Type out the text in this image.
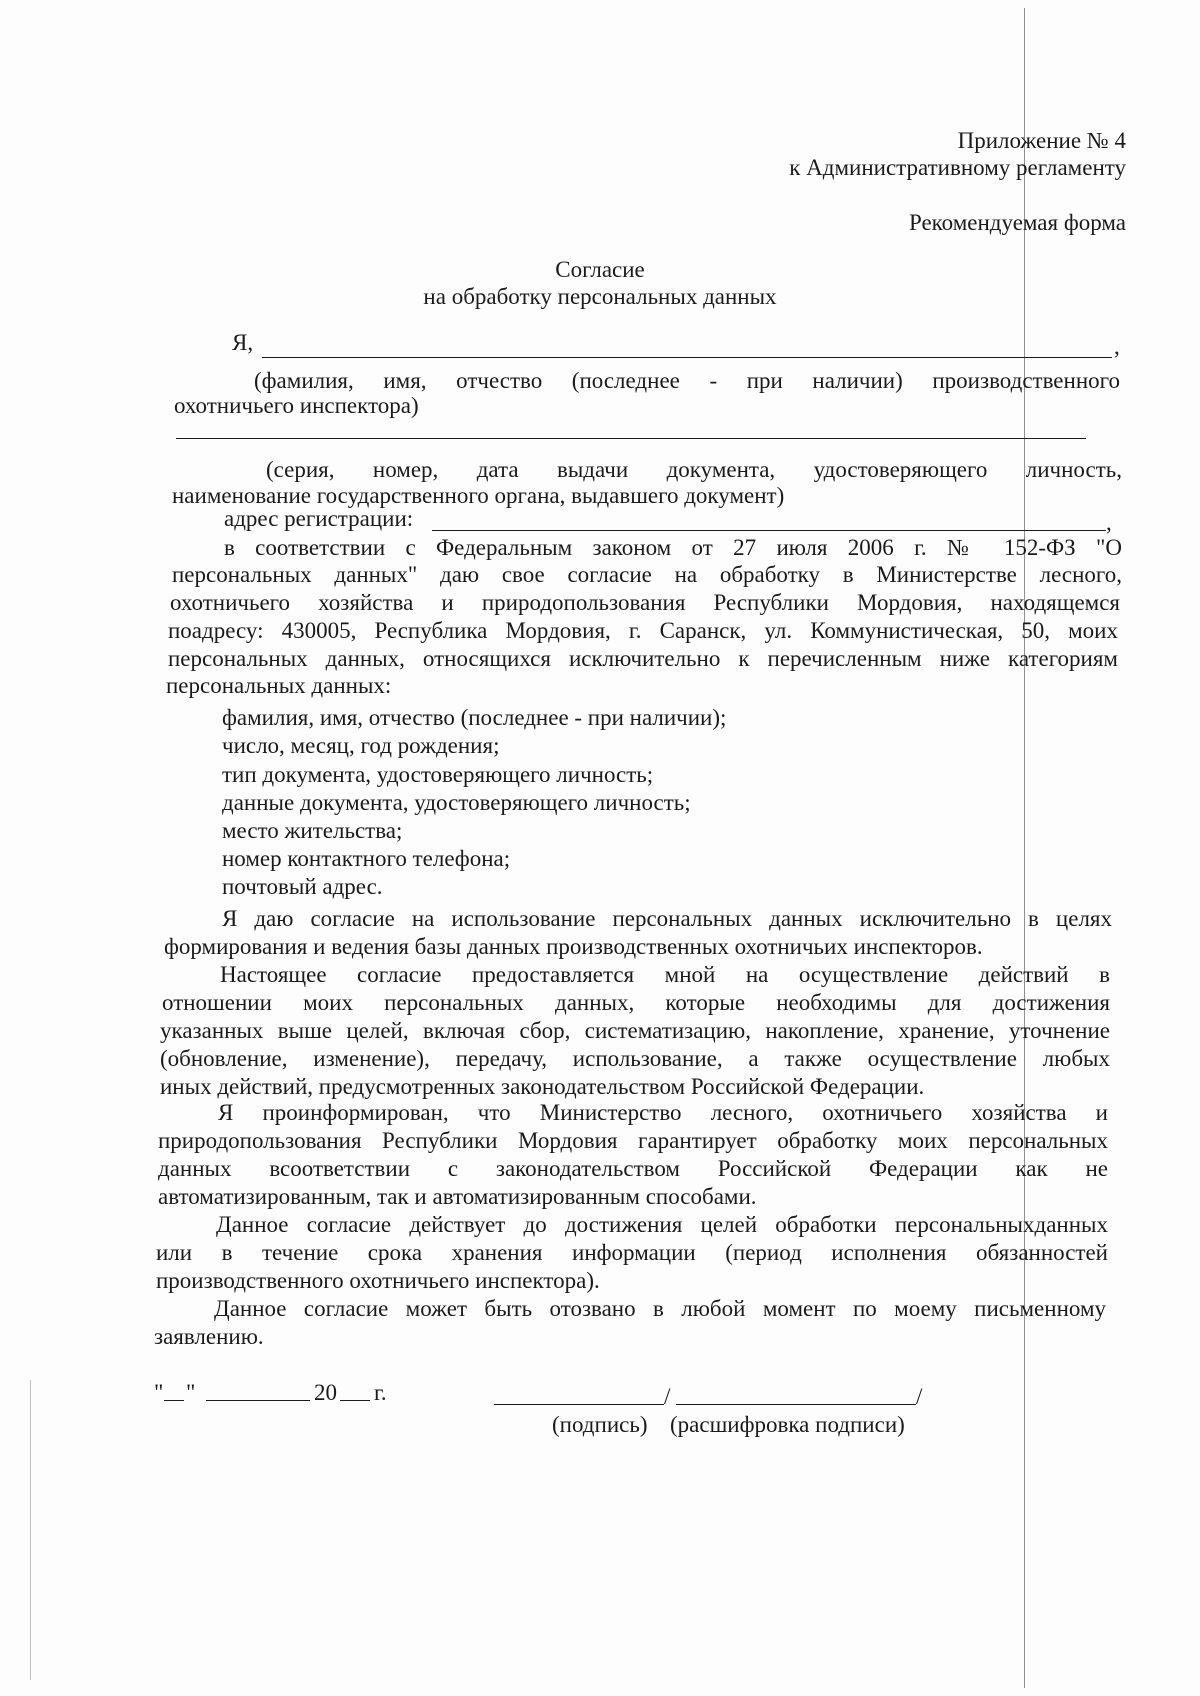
Приложение № 4
к Административному регламенту
Рекомендуемая форма
Согласие
на обработку персональных данных
Я,	,
(фамилия, имя, отчество (последнее - при наличии) производственного
охотничьего инспектора)
(серия, номер, дата выдачи документа, удостоверяющего личность,
наименование государственного органа, выдавшего документ)
адрес регистрации:	,
в соответствии с Федеральным законом от 27 июля 2006 г. № 152-ФЗ "О
персональных данных" даю свое согласие на обработку в Министерстве лесного,
охотничьего хозяйства и природопользования Республики Мордовия, находящемся
поадресу: 430005, Республика Мордовия, г. Саранск, ул. Коммунистическая, 50, моих
персональных данных, относящихся исключительно к перечисленным ниже категориям
персональных данных:
фамилия, имя, отчество (последнее - при наличии);
число, месяц, год рождения;
тип документа, удостоверяющего личность;
данные документа, удостоверяющего личность;
место жительства;
номер контактного телефона;
почтовый адрес.
Я даю согласие на использование персональных данных исключительно в целях
формирования и ведения базы данных производственных охотничьих инспекторов.
Настоящее согласие предоставляется мной на осуществление действий в
отношении моих персональных данных, которые необходимы для достижения
указанных выше целей, включая сбор, систематизацию, накопление, хранение, уточнение
(обновление, изменение), передачу, использование, а также осуществление любых
иных действий, предусмотренных законодательством Российской Федерации.
Я проинформирован, что Министерство лесного, охотничьего хозяйства и
природопользования Республики Мордовия гарантирует обработку моих персональных
данных всоответствии с законодательством Российской Федерации как не
автоматизированным, так и автоматизированным способами.
Данное согласие действует до достижения целей обработки персональныхданных
или в течение срока хранения информации (период исполнения обязанностей
производственного охотничьего инспектора).
Данное согласие может быть отозвано в любой момент по моему письменному
заявлению.
" "	20 г.	/	/
(подпись) (расшифровка подписи)
